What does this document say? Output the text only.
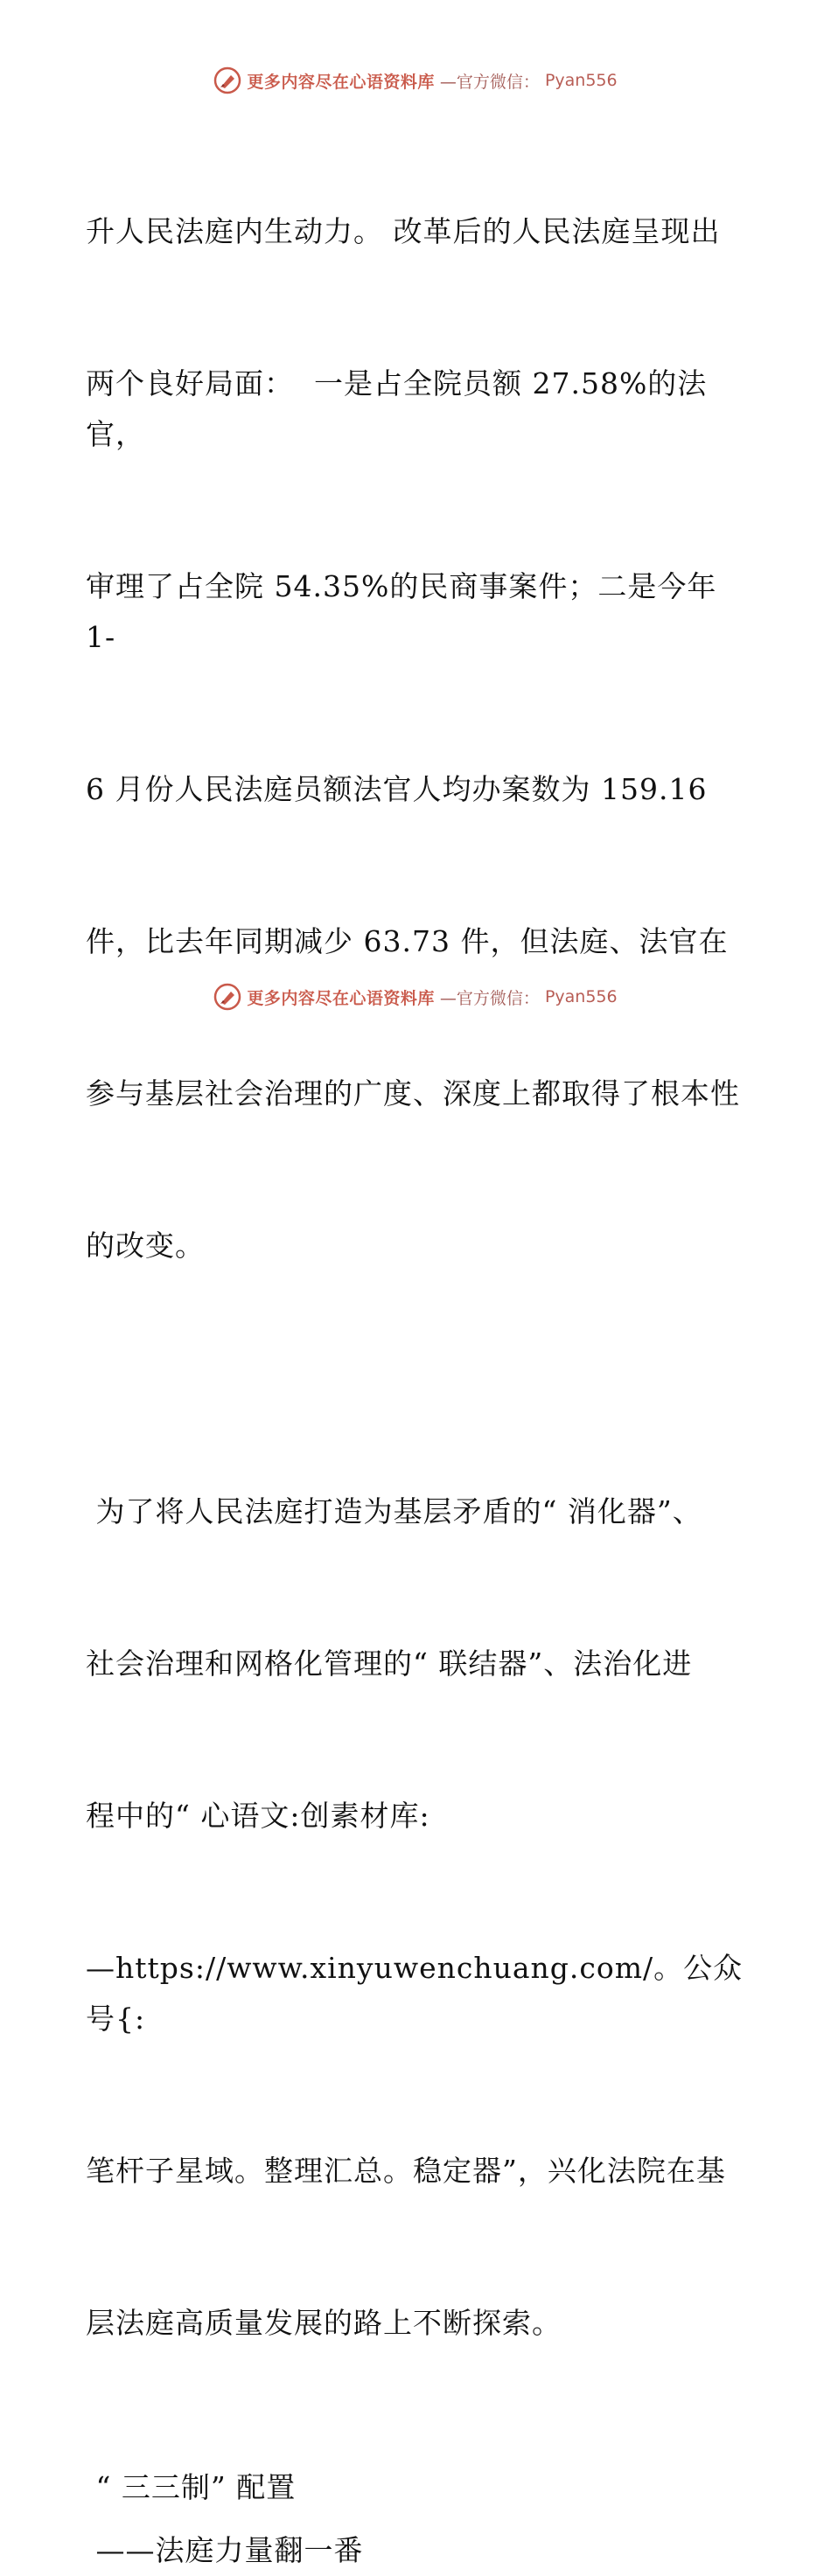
更多内容尽在心语资料库 —官方微信： Pyan556

升人民法庭内生动力。 改革后的人民法庭呈现出

两个良好局面：  一是占全院员额 27.58%的法官，

审理了占全院 54.35%的民商事案件；二是今年 1-

6 月份人民法庭员额法官人均办案数为 159.16

件，比去年同期减少 63.73 件，但法庭、法官在

参与基层社会治理的广度、深度上都取得了根本性

的改变。

为了将人民法庭打造为基层矛盾的“ 消化器”、

社会治理和网格化管理的“ 联结器”、法治化进

程中的“ 心语文:创素材库:

—https://www.xinyuwenchuang.com/。公众号{:

笔杆子星域。整理汇总。稳定器”，兴化法院在基

层法庭高质量发展的路上不断探索。

“ 三三制” 配置
——法庭力量翻一番
更多内容尽在心语资料库 —官方微信： Pyan556
